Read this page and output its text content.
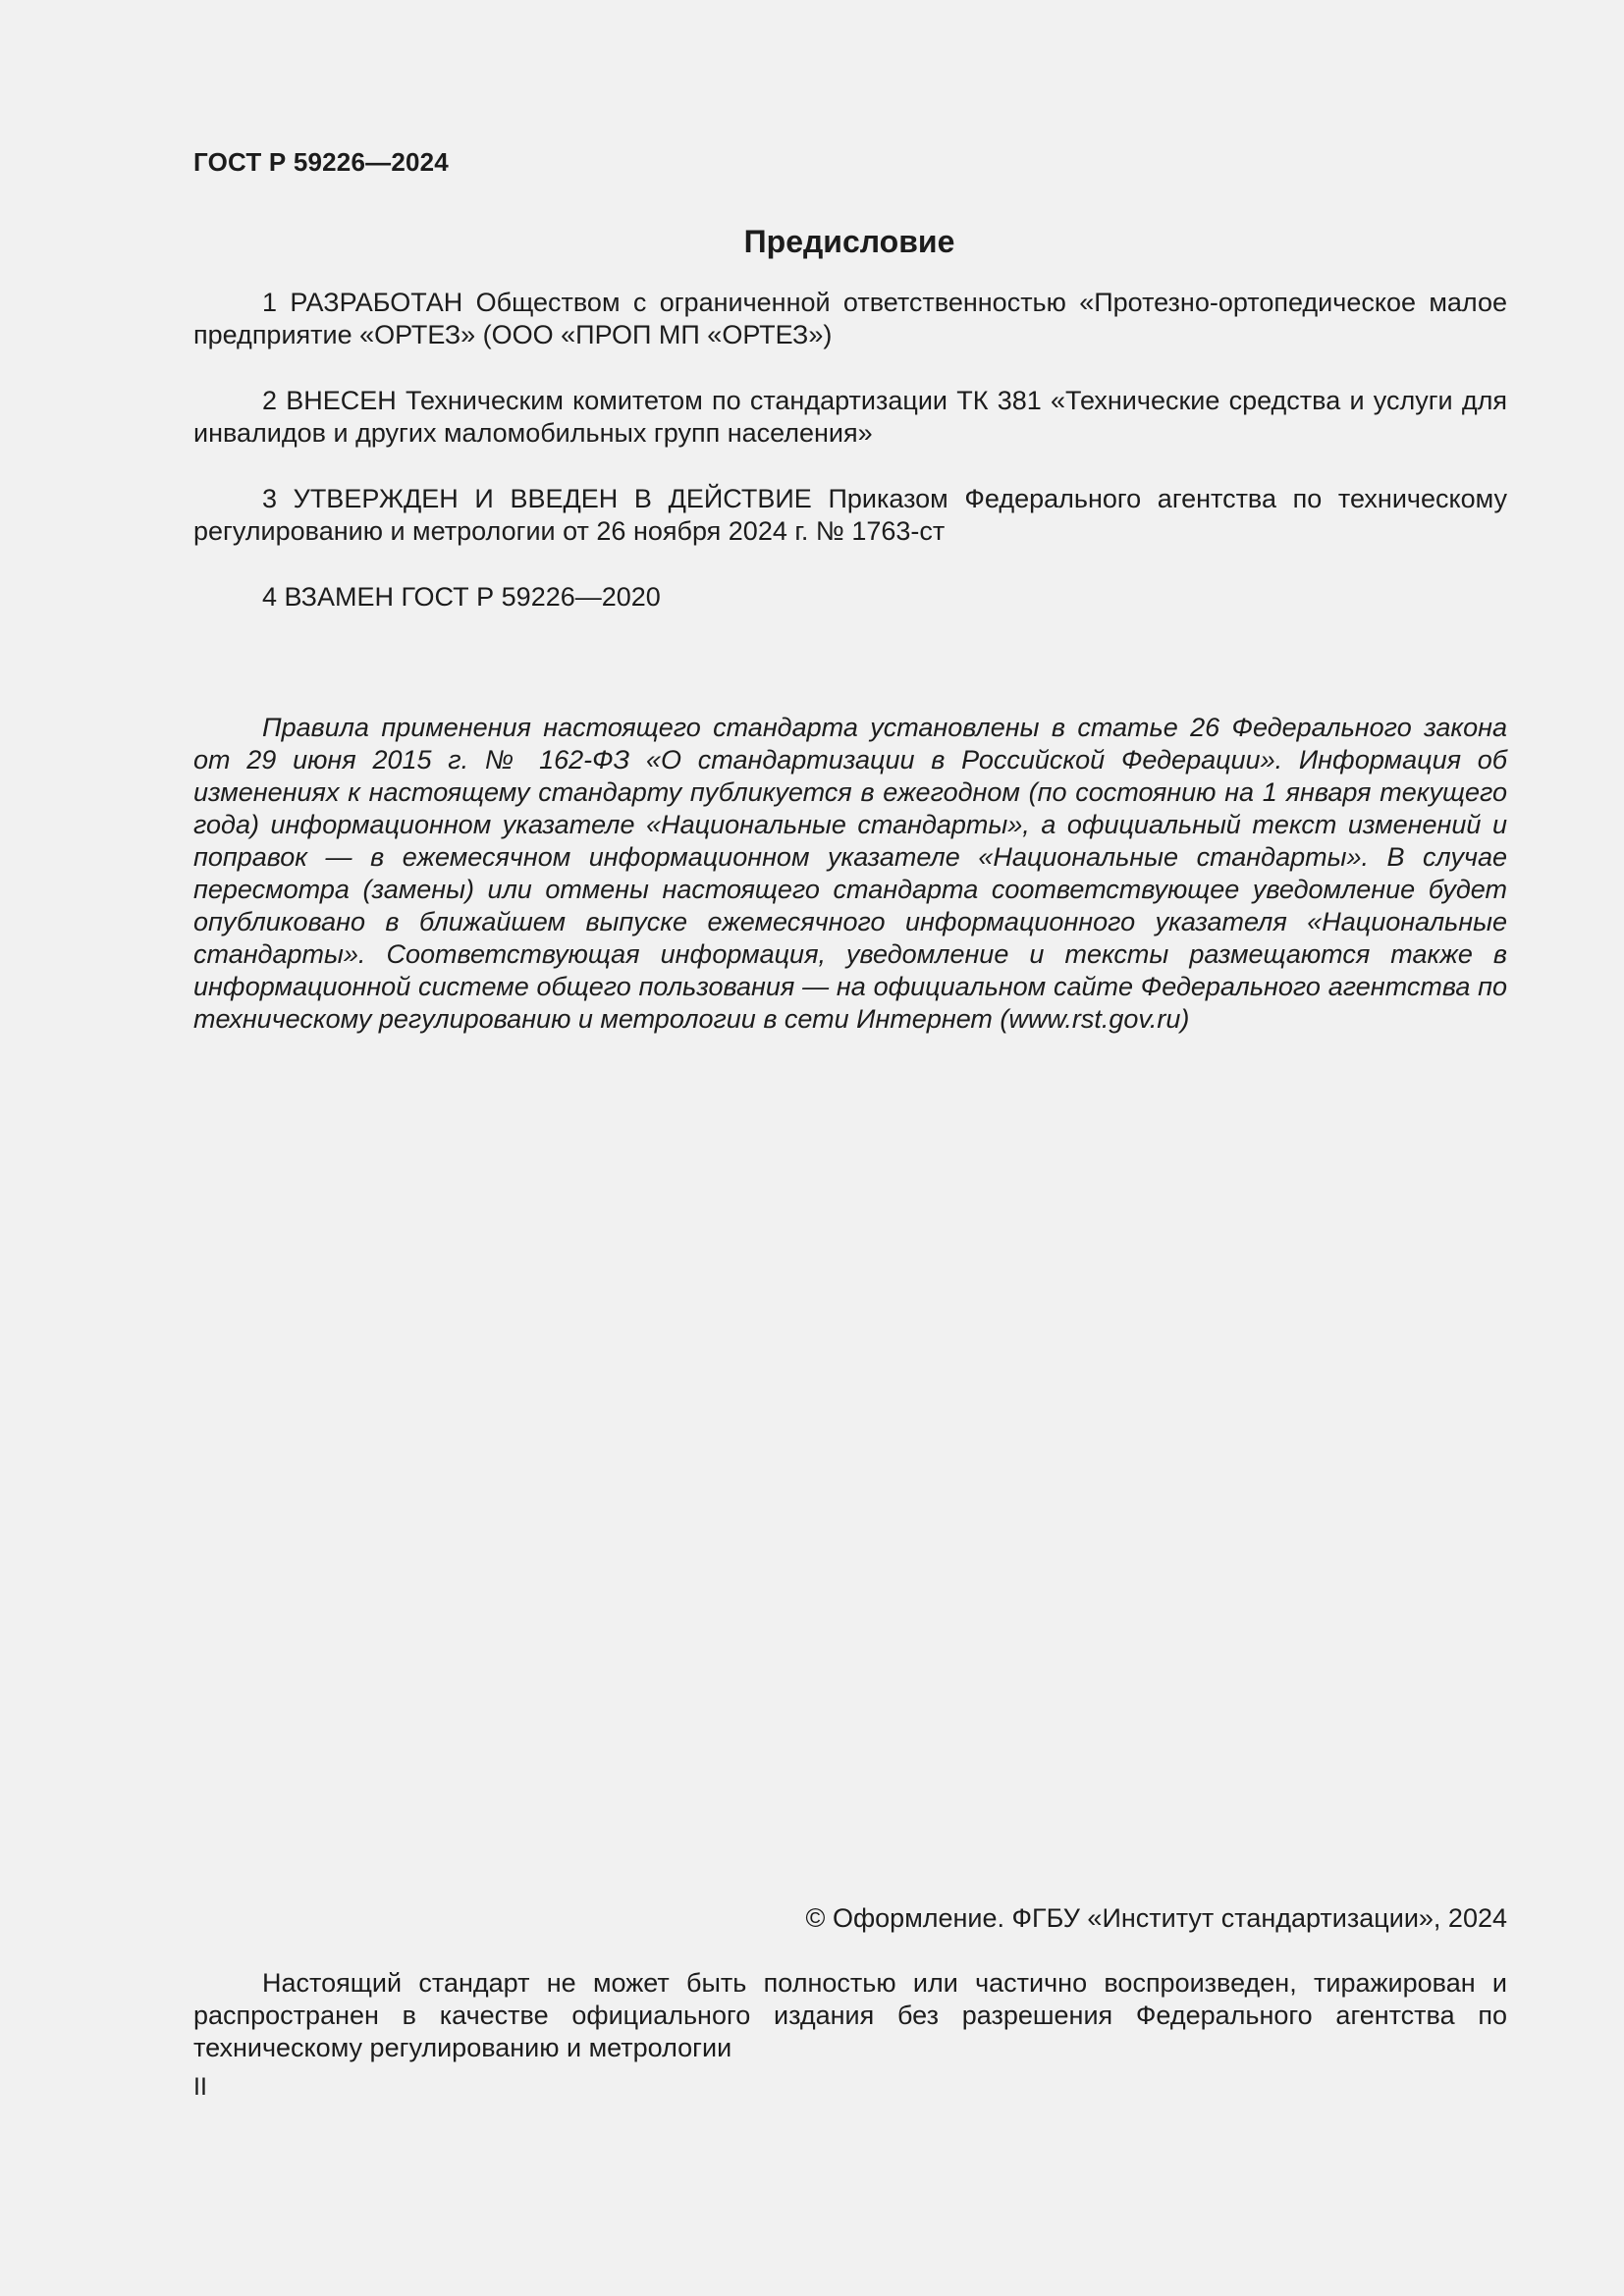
ГОСТ Р 59226—2024
Предисловие

1 РАЗРАБОТАН Обществом с ограниченной ответственностью «Протезно-ортопедическое малое предприятие «ОРТЕЗ» (ООО «ПРОП МП «ОРТЕЗ»)

2 ВНЕСЕН Техническим комитетом по стандартизации ТК 381 «Технические средства и услуги для инвалидов и других маломобильных групп населения»

3 УТВЕРЖДЕН И ВВЕДЕН В ДЕЙСТВИЕ Приказом Федерального агентства по техническому регулированию и метрологии от 26 ноября 2024 г. № 1763-ст

4 ВЗАМЕН ГОСТ Р 59226—2020

Правила применения настоящего стандарта установлены в статье 26 Федерального закона от 29 июня 2015 г. № 162-ФЗ «О стандартизации в Российской Федерации». Информация об изменениях к настоящему стандарту публикуется в ежегодном (по состоянию на 1 января текущего года) информационном указателе «Национальные стандарты», а официальный текст изменений и поправок — в ежемесячном информационном указателе «Национальные стандарты». В случае пересмотра (замены) или отмены настоящего стандарта соответствующее уведомление будет опубликовано в ближайшем выпуске ежемесячного информационного указателя «Национальные стандарты». Соответствующая информация, уведомление и тексты размещаются также в информационной системе общего пользования — на официальном сайте Федерального агентства по техническому регулированию и метрологии в сети Интернет (www.rst.gov.ru)

© Оформление. ФГБУ «Институт стандартизации», 2024

Настоящий стандарт не может быть полностью или частично воспроизведен, тиражирован и распространен в качестве официального издания без разрешения Федерального агентства по техническому регулированию и метрологии

II
